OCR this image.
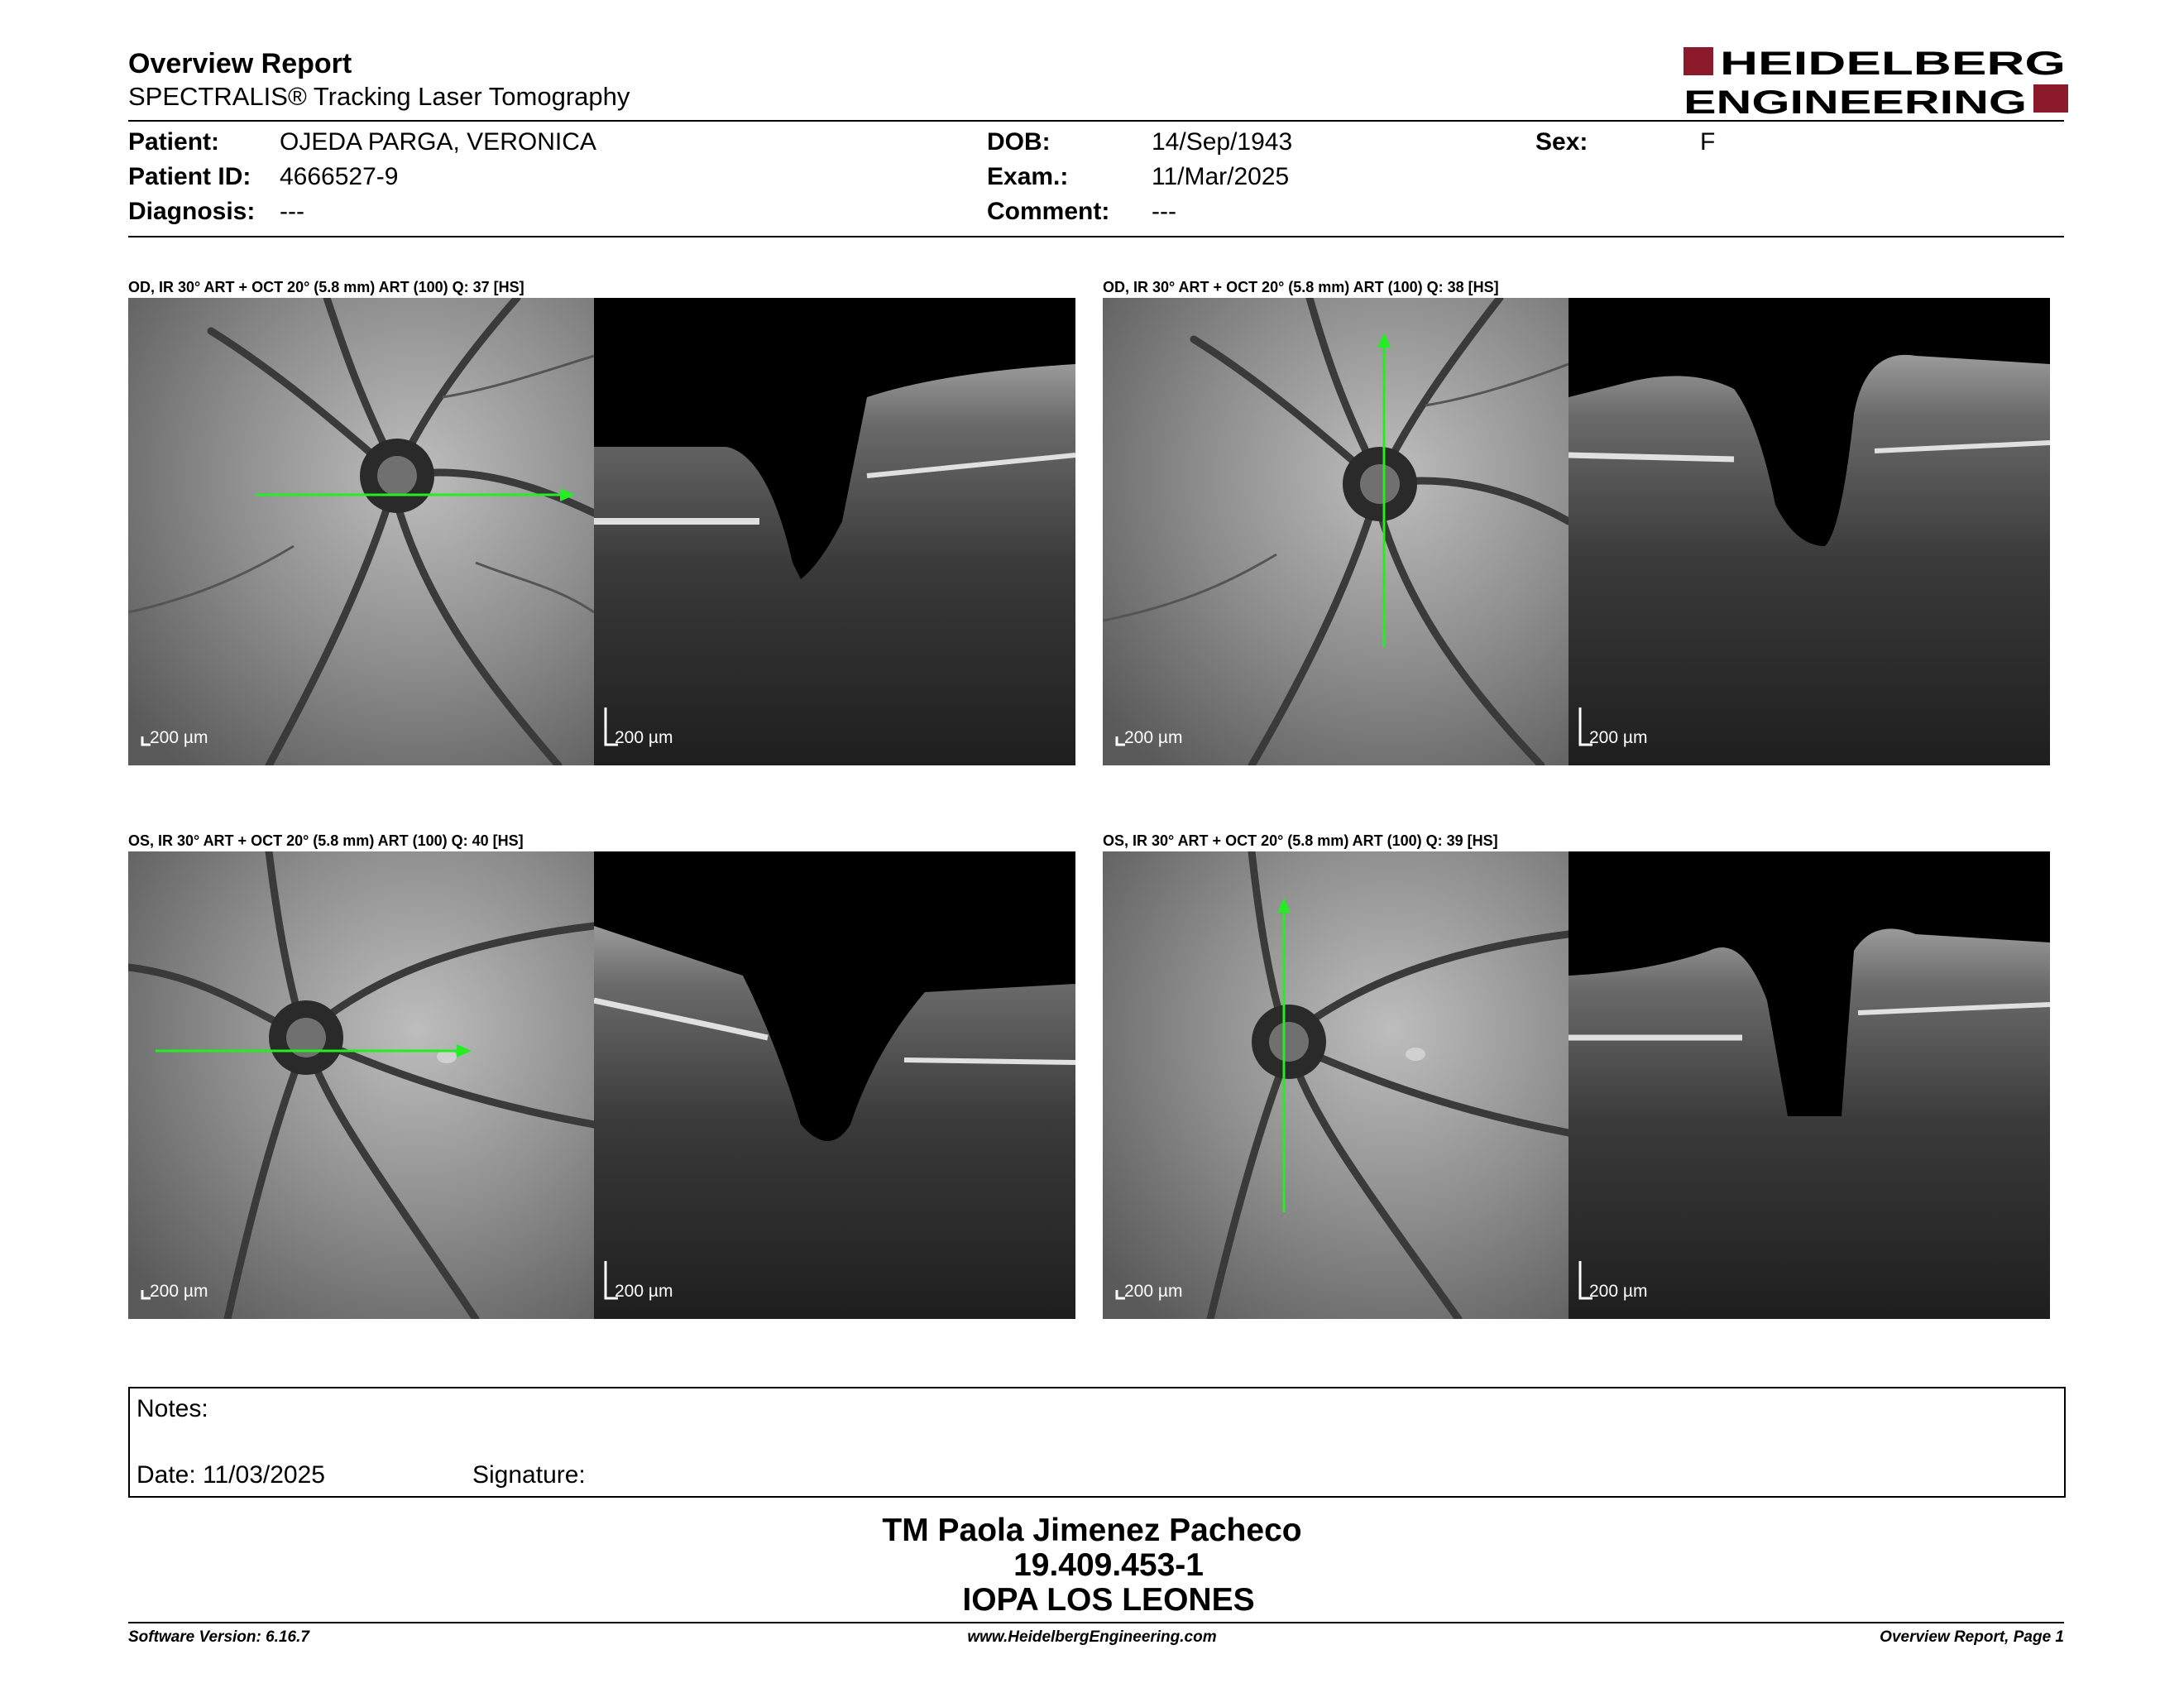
Overview Report
SPECTRALIS® Tracking Laser Tomography
HEIDELBERG
ENGINEERING
Patient: OJEDA PARGA, VERONICA
Patient ID: 4666527-9
Diagnosis: ---
DOB:	14/Sep/1943
Exam.:	11/Mar/2025
Comment: ---
Sex:	F
OD, IR 30° ART + OCT 20° (5.8 mm) ART (100) Q: 37 [HS]
200 µm	200 µm
OD, IR 30° ART + OCT 20° (5.8 mm) ART (100) Q: 38 [HS]
200 µm	200 µm
OS, IR 30° ART + OCT 20° (5.8 mm) ART (100) Q: 40 [HS]
200 µm	200 µm
OS, IR 30° ART + OCT 20° (5.8 mm) ART (100) Q: 39 [HS]
200 µm	200 µm
Notes:
Date: 11/03/2025	Signature:
TM Paola Jimenez Pacheco
19.409.453-1
IOPA LOS LEONES
Software Version: 6.16.7	www.HeidelbergEngineering.com	Overview Report, Page 1
